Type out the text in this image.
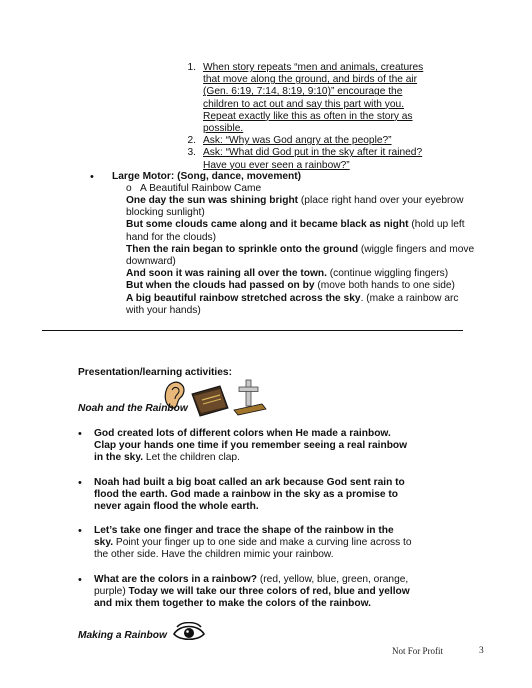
1. When story repeats “men and animals, creatures
that move along the ground, and birds of the air
(Gen. 6:19, 7:14, 8:19, 9:10)” encourage the
children to act out and say this part with you.
Repeat exactly like this as often in the story as
possible.
2. Ask: “Why was God angry at the people?”
3. Ask: “What did God put in the sky after it rained?
Have you ever seen a rainbow?”
• Large Motor: (Song, dance, movement)
o A Beautiful Rainbow Came

One day the sun was shining bright (place right hand over your eyebrow

blocking sunlight)

But some clouds came along and it became black as night (hold up left

hand for the clouds)

Then the rain began to sprinkle onto the ground (wiggle fingers and move

downward)

And soon it was raining all over the town. (continue wiggling fingers)

But when the clouds had passed on by (move both hands to one side)

A big beautiful rainbow stretched across the sky. (make a rainbow arc

with your hands)

Presentation/learning activities:
Noah and the Rainbow
• God created lots of different colors when He made a rainbow.
Clap your hands one time if you remember seeing a real rainbow
in the sky. Let the children clap.
• Noah had built a big boat called an ark because God sent rain to
flood the earth. God made a rainbow in the sky as a promise to
never again flood the whole earth.
• Let’s take one finger and trace the shape of the rainbow in the
sky. Point your finger up to one side and make a curving line across to
the other side. Have the children mimic your rainbow.
• What are the colors in a rainbow? (red, yellow, blue, green, orange,
purple) Today we will take our three colors of red, blue and yellow
and mix them together to make the colors of the rainbow.
Making a Rainbow
Not For Profit	3
